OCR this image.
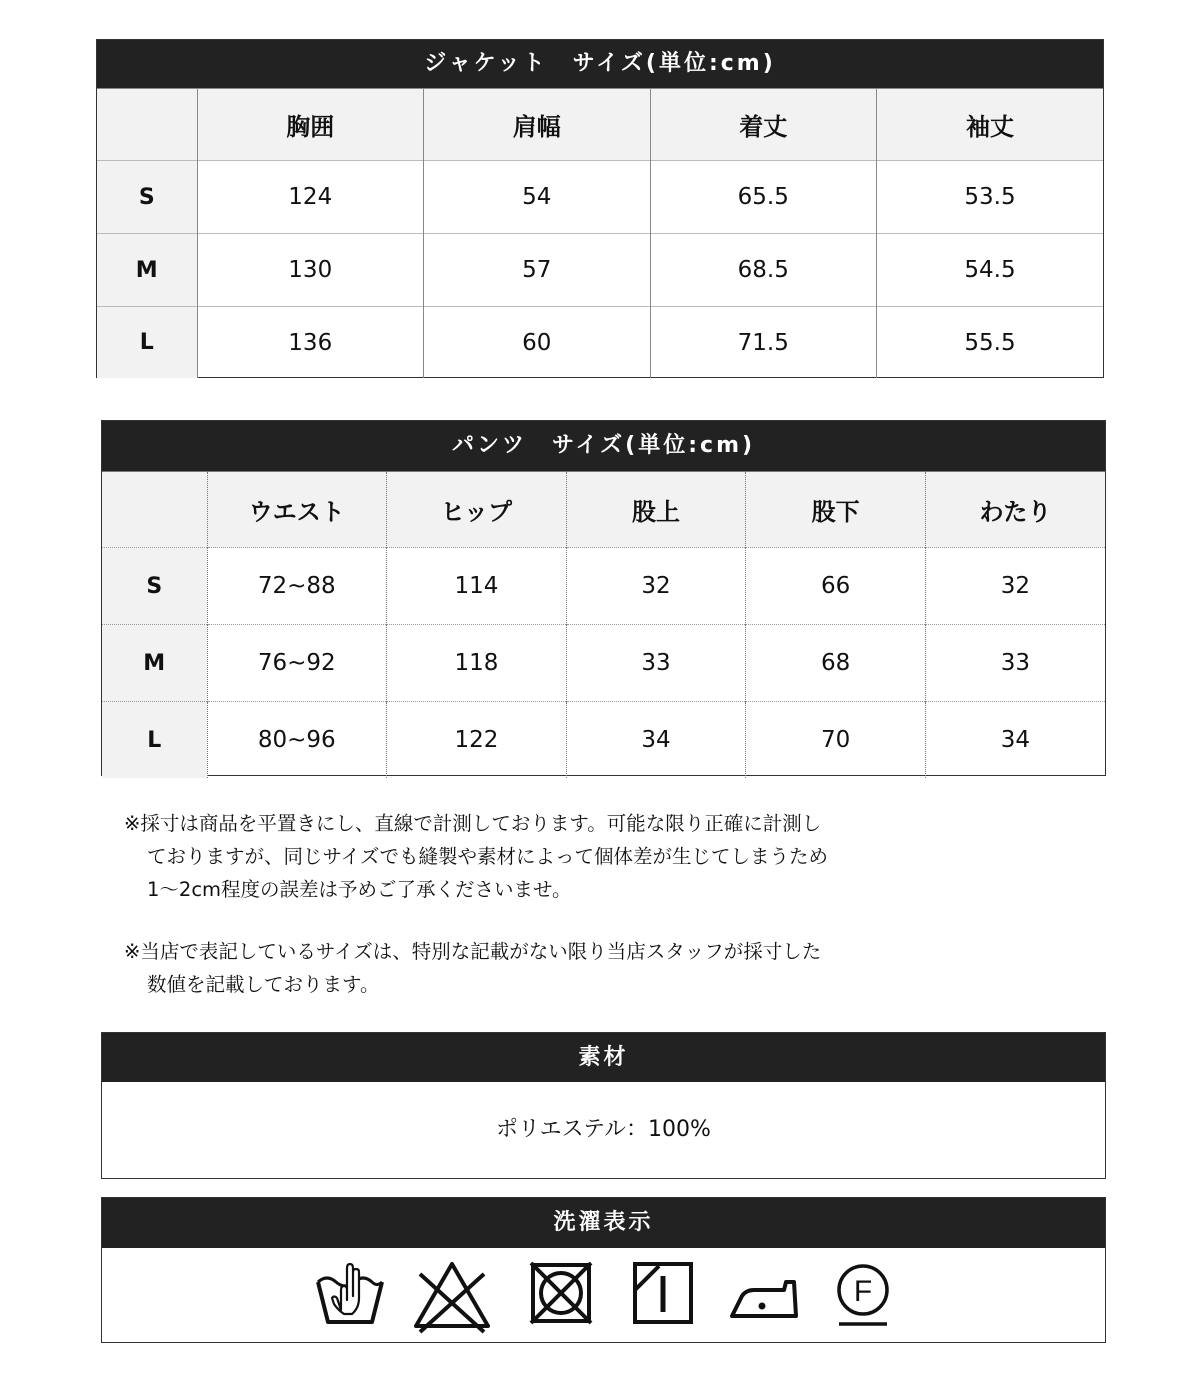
ジャケット　サイズ(単位:cm)
	胸囲	肩幅	着丈	袖丈
S	124	54	65.5	53.5
M	130	57	68.5	54.5
L	136	60	71.5	55.5
パンツ　サイズ(単位:cm)
	ウエスト	ヒップ	股上	股下	わたり
S	72~88	114	32	66	32
M	76~92	118	33	68	33
L	80~96	122	34	70	34

※採寸は商品を平置きにし、直線で計測しております。可能な限り正確に計測し

ておりますが、同じサイズでも縫製や素材によって個体差が生じてしまうため

1〜2cm程度の誤差は予めご了承くださいませ。

※当店で表記しているサイズは、特別な記載がない限り当店スタッフが採寸した

数値を記載しております。

素材
ポリエステル：100%
洗濯表示
F
